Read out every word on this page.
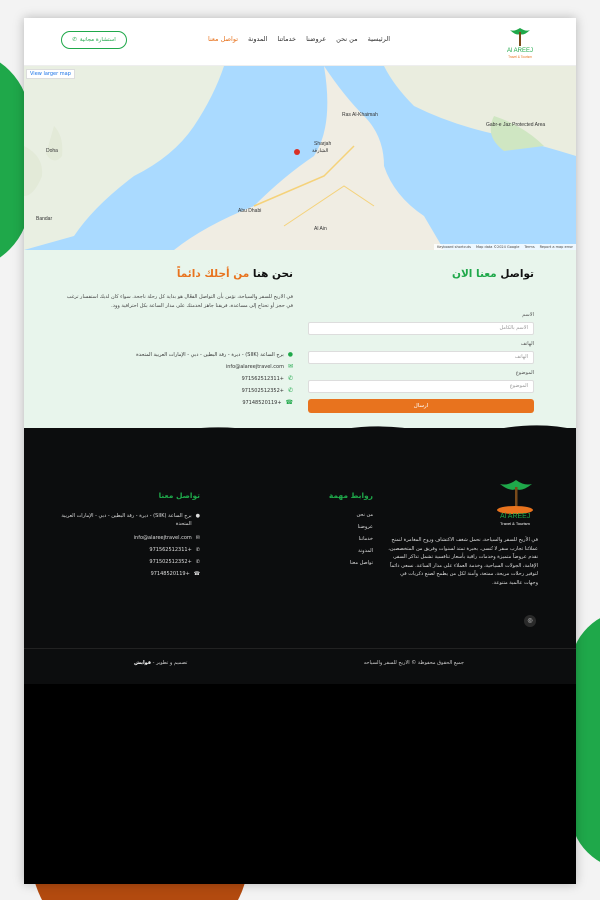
Al AREEJ
Travel & Tourism
الرئيسية
من نحن
عروضنا
خدماتنا
المدونة
تواصل معنا
استشارة مجانية
✆
View larger map
Ras Al-Khaimah
Sharjah
الشارقة
Abu Dhabi
Al Ain
Doha
Gabr-e Jaz Protected Area
Bandar
Keyboard shortcuts Map data ©2024 Google Terms Report a map error
تواصل معنا الان
الاسم
الاسم بالكامل
الهاتف
الهاتف
الموضوع
الموضوع
ارسال
نحن هنا من أجلك دائماً
في الاريج للسفر والسياحة، نؤمن بأن التواصل الفعّال هو بداية كل رحلة ناجحة. سواء كان لديك استفسار ترغب في حجز أو تحتاج إلى مساعدة، فريقنا جاهز لخدمتك على مدار الساعة بكل احترافية وود.
●
برج الساعة (SIIK) - ديرة - رقة البطين - دبي - الإمارات العربية المتحدة
✉
info@alareejtravel.com
✆
+971562512311
✆
+971502512352
☎
+97148520119
Al AREEJ
Travel & Tourism
في الأريج للسفر والسياحة، نحمل شغف الاكتشاف وروح المغامرة لنمنح عملائنا تجارب سفر لا تُنسى. بخبرة تمتد لسنوات وفريق من المتخصصين، نقدم عروضاً متميزة وخدمات راقية بأسعار تنافسية تشمل تذاكر السفر، الإقامة، الجولات السياحية، وخدمة العملاء على مدار الساعة. نسعى دائماً لتوفير رحلات مريحة، ممتعة، وآمنة لكل من يطمح لصنع ذكريات في وجهات عالمية متنوعة.
◎
روابط مهمة
من نحن
عروضنا
خدماتنا
المدونة
تواصل معنا
تواصل معنا
●
برج الساعة (SIIK) - ديرة - رقة البطين - دبي - الإمارات العربية المتحدة
✉
info@alareejtravel.com
✆
+971562512311
✆
+971502512352
☎
+97148520119
جميع الحقوق محفوظة © الاريج للسفر والسياحه
تصميم و تطوير - قوايش
